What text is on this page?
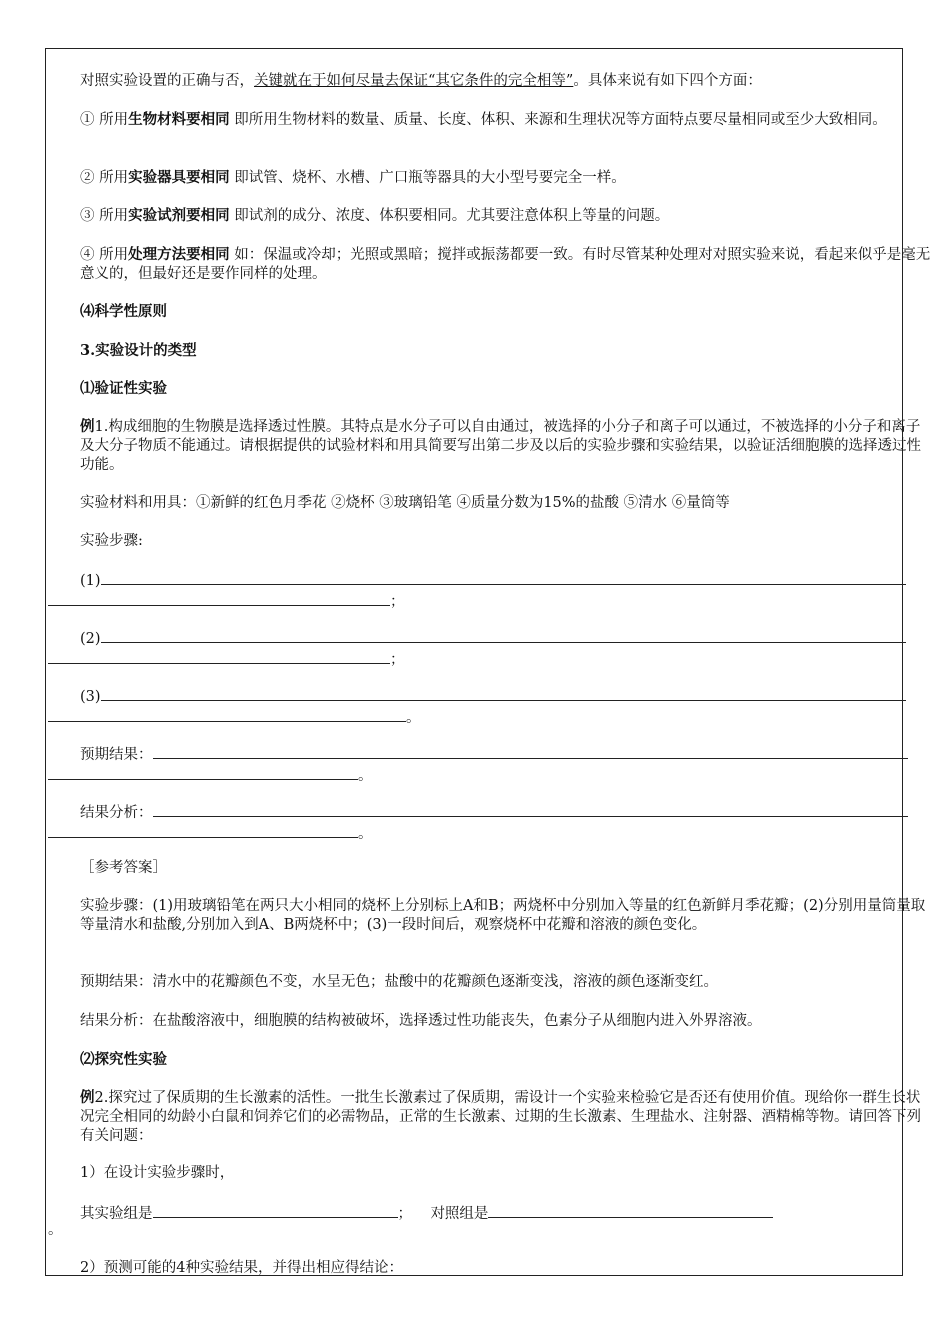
对照实验设置的正确与否，关键就在于如何尽量去保证“其它条件的完全相等”。具体来说有如下四个方面：
① 所用生物材料要相同 即所用生物材料的数量、质量、长度、体积、来源和生理状况等方面特点要尽量相同或至少大致相同。
② 所用实验器具要相同 即试管、烧杯、水槽、广口瓶等器具的大小型号要完全一样。
③ 所用实验试剂要相同 即试剂的成分、浓度、体积要相同。尤其要注意体积上等量的问题。
④ 所用处理方法要相同 如：保温或冷却；光照或黑暗；搅拌或振荡都要一致。有时尽管某种处理对对照实验来说，看起来似乎是毫无意义的，但最好还是要作同样的处理。
⑷科学性原则
3.实验设计的类型
⑴验证性实验
例1.构成细胞的生物膜是选择透过性膜。其特点是水分子可以自由通过，被选择的小分子和离子可以通过，不被选择的小分子和离子及大分子物质不能通过。请根据提供的试验材料和用具简要写出第二步及以后的实验步骤和实验结果，以验证活细胞膜的选择透过性功能。
实验材料和用具：①新鲜的红色月季花 ②烧杯 ③玻璃铅笔 ④质量分数为15%的盐酸 ⑤清水 ⑥量筒等
实验步骤:
(1)
；
(2)
；
(3)
。
预期结果：
。
结果分析：
。
［参考答案］
实验步骤：(1)用玻璃铅笔在两只大小相同的烧杯上分别标上A和B；两烧杯中分别加入等量的红色新鲜月季花瓣；(2)分别用量筒量取等量清水和盐酸,分别加入到A、B两烧杯中；(3)一段时间后，观察烧杯中花瓣和溶液的颜色变化。
预期结果：清水中的花瓣颜色不变，水呈无色；盐酸中的花瓣颜色逐渐变浅，溶液的颜色逐渐变红。
结果分析：在盐酸溶液中，细胞膜的结构被破坏，选择透过性功能丧失，色素分子从细胞内进入外界溶液。
⑵探究性实验
例2.探究过了保质期的生长激素的活性。一批生长激素过了保质期，需设计一个实验来检验它是否还有使用价值。现给你一群生长状况完全相同的幼龄小白鼠和饲养它们的必需物品，正常的生长激素、过期的生长激素、生理盐水、注射器、酒精棉等物。请回答下列有关问题：
1）在设计实验步骤时，
其实验组是	； 对照组是
。
2）预测可能的4种实验结果，并得出相应得结论：
